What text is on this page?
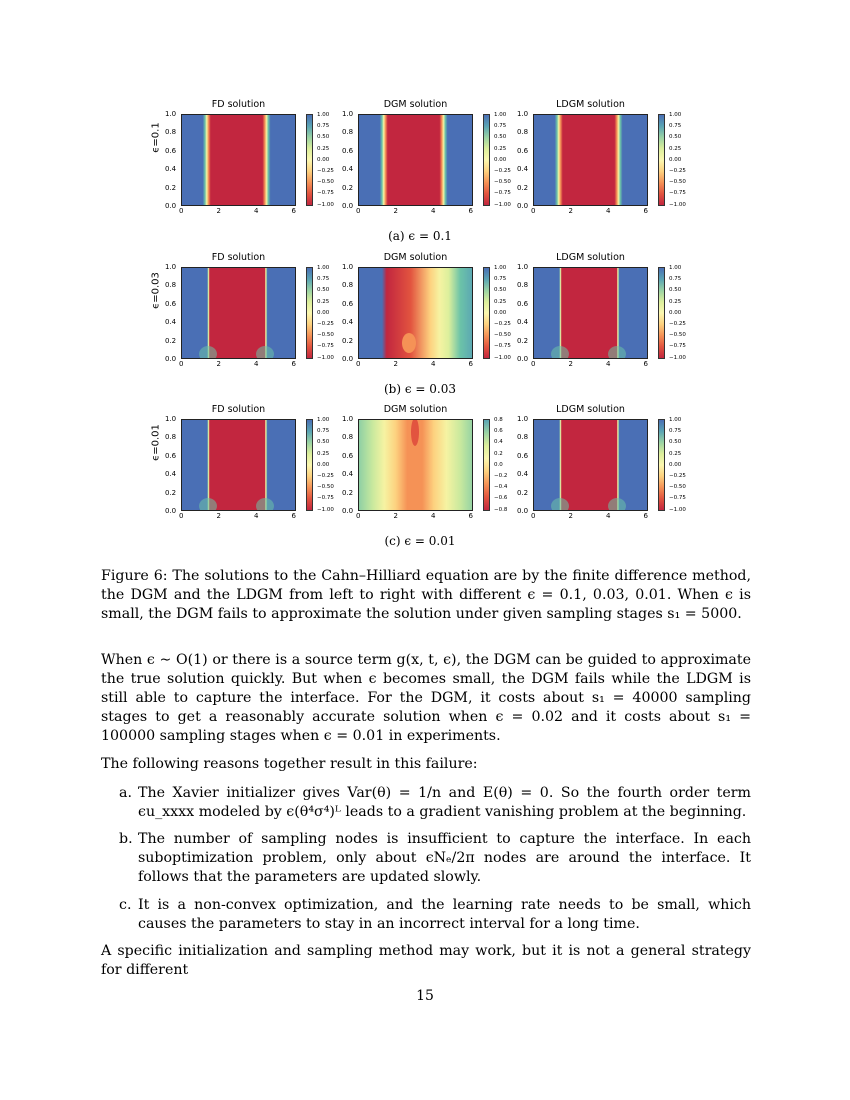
ϵ=0.1
FD solution
1.0
0.8
0.6
0.4
0.2
0.0
0	2	4	6
1.00
0.75
0.50
0.25
0.00
−0.25
−0.50
−0.75
−1.00
DGM solution
1.0
0.8
0.6
0.4
0.2
0.0
0	2	4	6
1.00
0.75
0.50
0.25
0.00
−0.25
−0.50
−0.75
−1.00
LDGM solution
1.0
0.8
0.6
0.4
0.2
0.0
0	2	4	6
1.00
0.75
0.50
0.25
0.00
−0.25
−0.50
−0.75
−1.00
(a) ϵ = 0.1
ϵ=0.03
FD solution
1.0
0.8
0.6
0.4
0.2
0.0
0	2	4	6
1.00
0.75
0.50
0.25
0.00
−0.25
−0.50
−0.75
−1.00
DGM solution
1.0
0.8
0.6
0.4
0.2
0.0
0	2	4	6
1.00
0.75
0.50
0.25
0.00
−0.25
−0.50
−0.75
−1.00
LDGM solution
1.0
0.8
0.6
0.4
0.2
0.0
0	2	4	6
1.00
0.75
0.50
0.25
0.00
−0.25
−0.50
−0.75
−1.00
(b) ϵ = 0.03
ϵ=0.01
FD solution
1.0
0.8
0.6
0.4
0.2
0.0
0	2	4	6
1.00
0.75
0.50
0.25
0.00
−0.25
−0.50
−0.75
−1.00
DGM solution
1.0
0.8
0.6
0.4
0.2
0.0
0	2	4	6
0.8
0.6
0.4
0.2
0.0
−0.2
−0.4
−0.6
−0.8
LDGM solution
1.0
0.8
0.6
0.4
0.2
0.0
0	2	4	6
1.00
0.75
0.50
0.25
0.00
−0.25
−0.50
−0.75
−1.00
(c) ϵ = 0.01
Figure 6: The solutions to the Cahn–Hilliard equation are by the finite difference method, the DGM and the LDGM from left to right with different ϵ = 0.1, 0.03, 0.01. When ϵ is small, the DGM fails to approximate the solution under given sampling stages s₁ = 5000.
When ϵ ∼ O(1) or there is a source term g(x, t, ϵ), the DGM can be guided to approximate the true solution quickly. But when ϵ becomes small, the DGM fails while the LDGM is still able to capture the interface. For the DGM, it costs about s₁ = 40000 sampling stages to get a reasonably accurate solution when ϵ = 0.02 and it costs about s₁ = 100000 sampling stages when ϵ = 0.01 in experiments.
The following reasons together result in this failure:
a. The Xavier initializer gives Var(θ) = 1/n and E(θ) = 0. So the fourth order term ϵu_xxxx modeled by ϵ(θ⁴σ⁴)ᴸ leads to a gradient vanishing problem at the beginning.
b. The number of sampling nodes is insufficient to capture the interface. In each suboptimization problem, only about ϵNₑ/2π nodes are around the interface. It follows that the parameters are updated slowly.
c. It is a non-convex optimization, and the learning rate needs to be small, which causes the parameters to stay in an incorrect interval for a long time.
A specific initialization and sampling method may work, but it is not a general strategy for different
15
